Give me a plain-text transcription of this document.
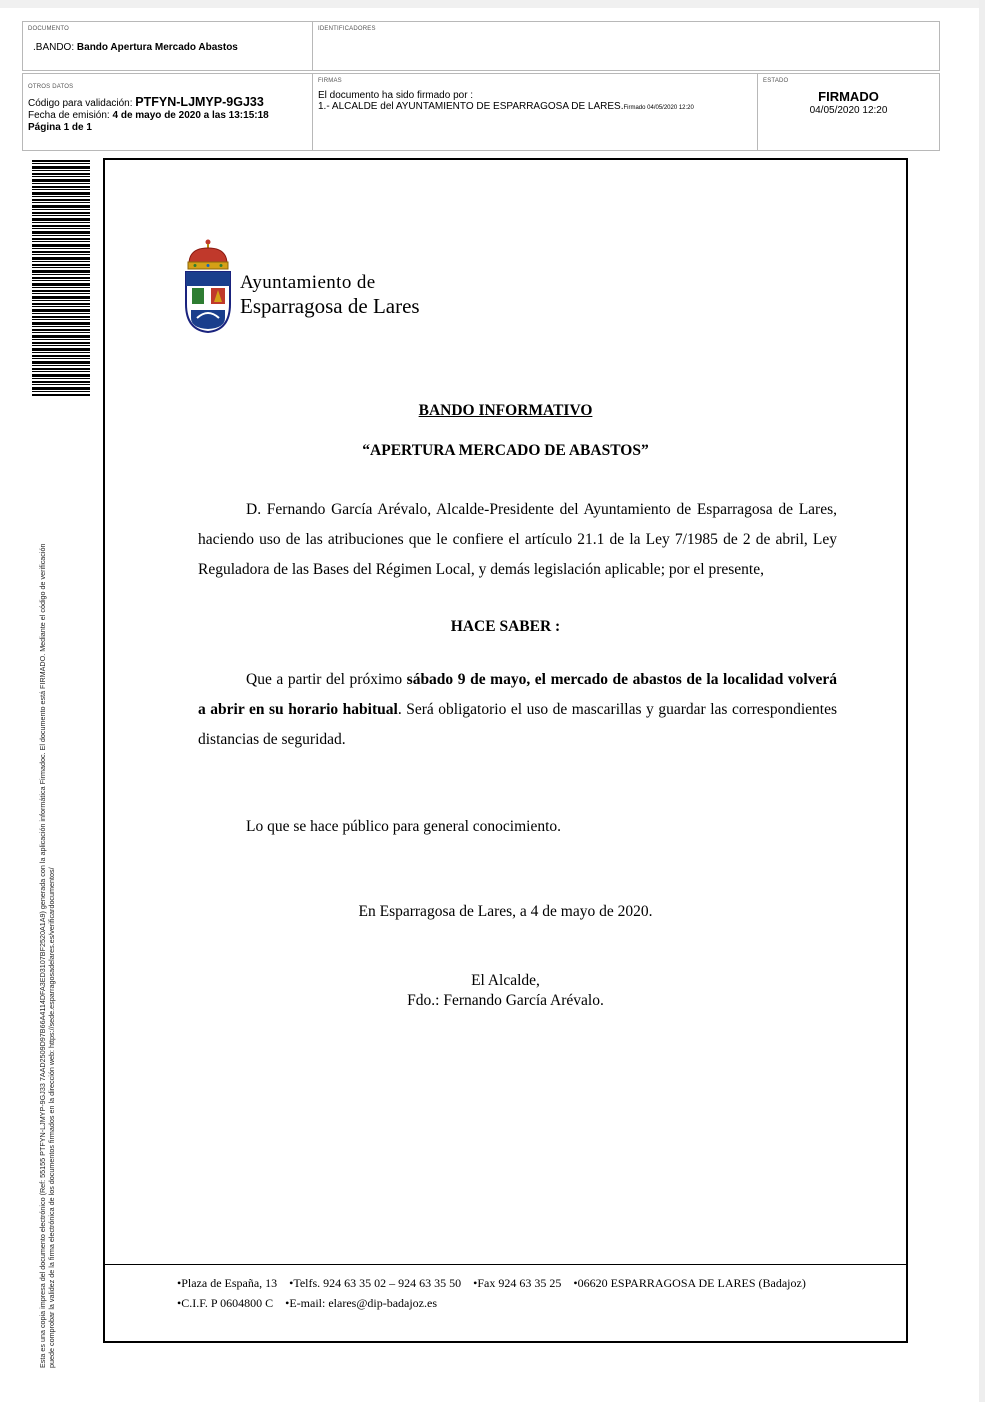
DOCUMENTO
.BANDO: Bando Apertura Mercado Abastos
IDENTIFICADORES
OTROS DATOS
Código para validación: PTFYN-LJMYP-9GJ33
Fecha de emisión: 4 de mayo de 2020 a las 13:15:18
Página 1 de 1
FIRMAS
El documento ha sido firmado por :
1.- ALCALDE del AYUNTAMIENTO DE ESPARRAGOSA DE LARES.Firmado 04/05/2020 12:20
ESTADO
FIRMADO
04/05/2020 12:20
Esta es una copia impresa del documento electrónico (Ref: 55155 PTFYN-LJMYP-9GJ33 7AAD2509D97B66A4114DFA3ED3107BF2520A1A9) generada con la aplicación informática Firmadoc. El documento está FIRMADO. Mediante el código de verificación puede comprobar la validez de la firma electrónica de los documentos firmados en la dirección web: https://sede.esparragosadelares.es/verificardocumentos/
Ayuntamiento de
Esparragosa de Lares
BANDO INFORMATIVO
“APERTURA MERCADO DE ABASTOS”
D. Fernando García Arévalo, Alcalde-Presidente del Ayuntamiento de Esparragosa de Lares, haciendo uso de las atribuciones que le confiere el artículo 21.1 de la Ley 7/1985 de 2 de abril, Ley Reguladora de las Bases del Régimen Local, y demás legislación aplicable; por el presente,
HACE SABER :
Que a partir del próximo sábado 9 de mayo, el mercado de abastos de la localidad volverá a abrir en su horario habitual. Será obligatorio el uso de mascarillas y guardar las correspondientes distancias de seguridad.
Lo que se hace público para general conocimiento.
En Esparragosa de Lares, a 4 de mayo de 2020.
El Alcalde,
Fdo.: Fernando García Arévalo.
•Plaza de España, 13    •Telfs. 924 63 35 02 – 924 63 35 50    •Fax 924 63 35 25    •06620 ESPARRAGOSA DE LARES (Badajoz)
•C.I.F. P 0604800 C    •E-mail: elares@dip-badajoz.es
